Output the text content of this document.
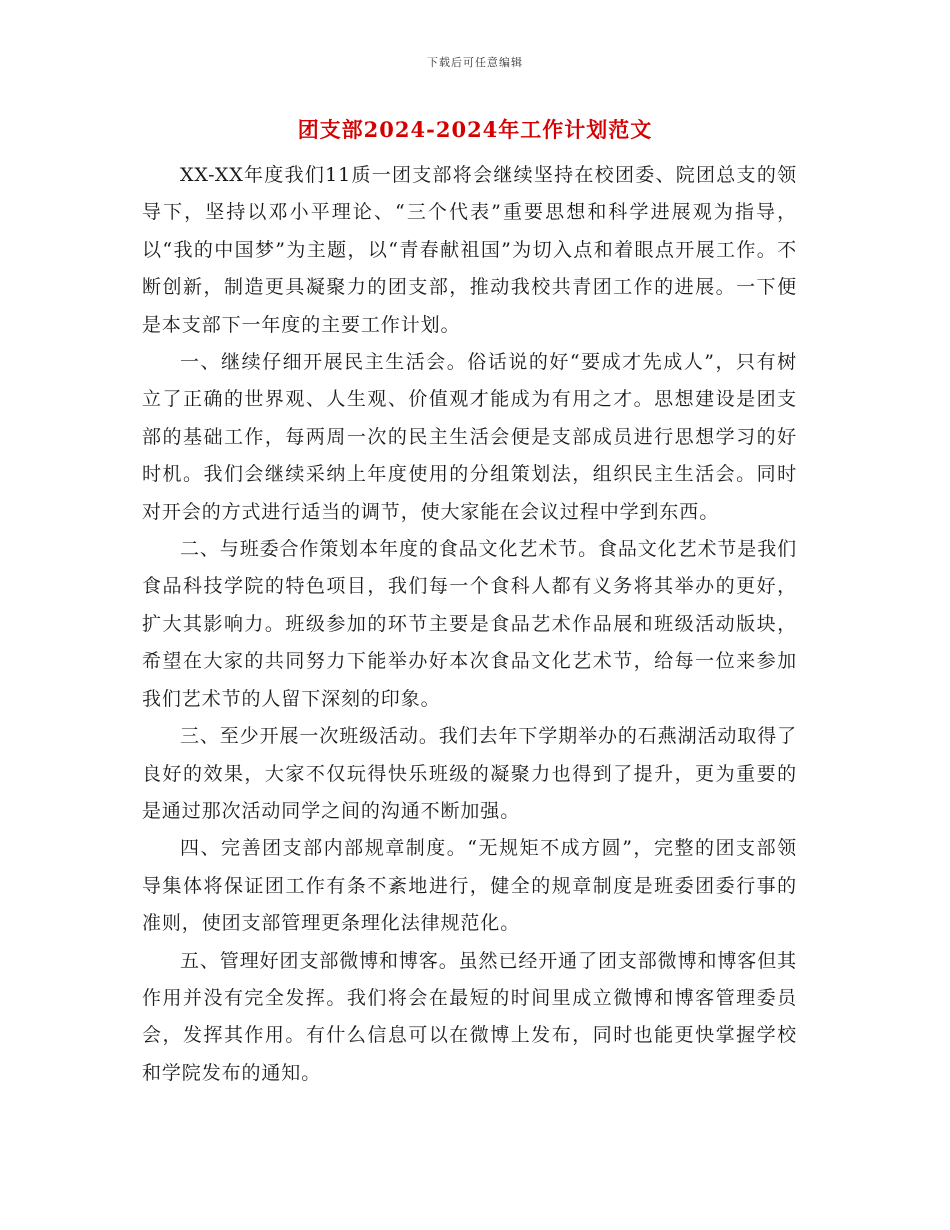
下载后可任意编辑
团支部2024-2024年工作计划范文

XX-XX年度我们11质一团支部将会继续坚持在校团委、院团总支的领导下，坚持以邓小平理论、“三个代表”重要思想和科学进展观为指导，以“我的中国梦”为主题，以“青春献祖国”为切入点和着眼点开展工作。不断创新，制造更具凝聚力的团支部，推动我校共青团工作的进展。一下便是本支部下一年度的主要工作计划。

一、继续仔细开展民主生活会。俗话说的好“要成才先成人”，只有树立了正确的世界观、人生观、价值观才能成为有用之才。思想建设是团支部的基础工作，每两周一次的民主生活会便是支部成员进行思想学习的好时机。我们会继续采纳上年度使用的分组策划法，组织民主生活会。同时对开会的方式进行适当的调节，使大家能在会议过程中学到东西。

二、与班委合作策划本年度的食品文化艺术节。食品文化艺术节是我们食品科技学院的特色项目，我们每一个食科人都有义务将其举办的更好，扩大其影响力。班级参加的环节主要是食品艺术作品展和班级活动版块，希望在大家的共同努力下能举办好本次食品文化艺术节，给每一位来参加我们艺术节的人留下深刻的印象。

三、至少开展一次班级活动。我们去年下学期举办的石燕湖活动取得了良好的效果，大家不仅玩得快乐班级的凝聚力也得到了提升，更为重要的是通过那次活动同学之间的沟通不断加强。

四、完善团支部内部规章制度。“无规矩不成方圆”，完整的团支部领导集体将保证团工作有条不紊地进行，健全的规章制度是班委团委行事的准则，使团支部管理更条理化法律规范化。

五、管理好团支部微博和博客。虽然已经开通了团支部微博和博客但其作用并没有完全发挥。我们将会在最短的时间里成立微博和博客管理委员会，发挥其作用。有什么信息可以在微博上发布，同时也能更快掌握学校和学院发布的通知。
